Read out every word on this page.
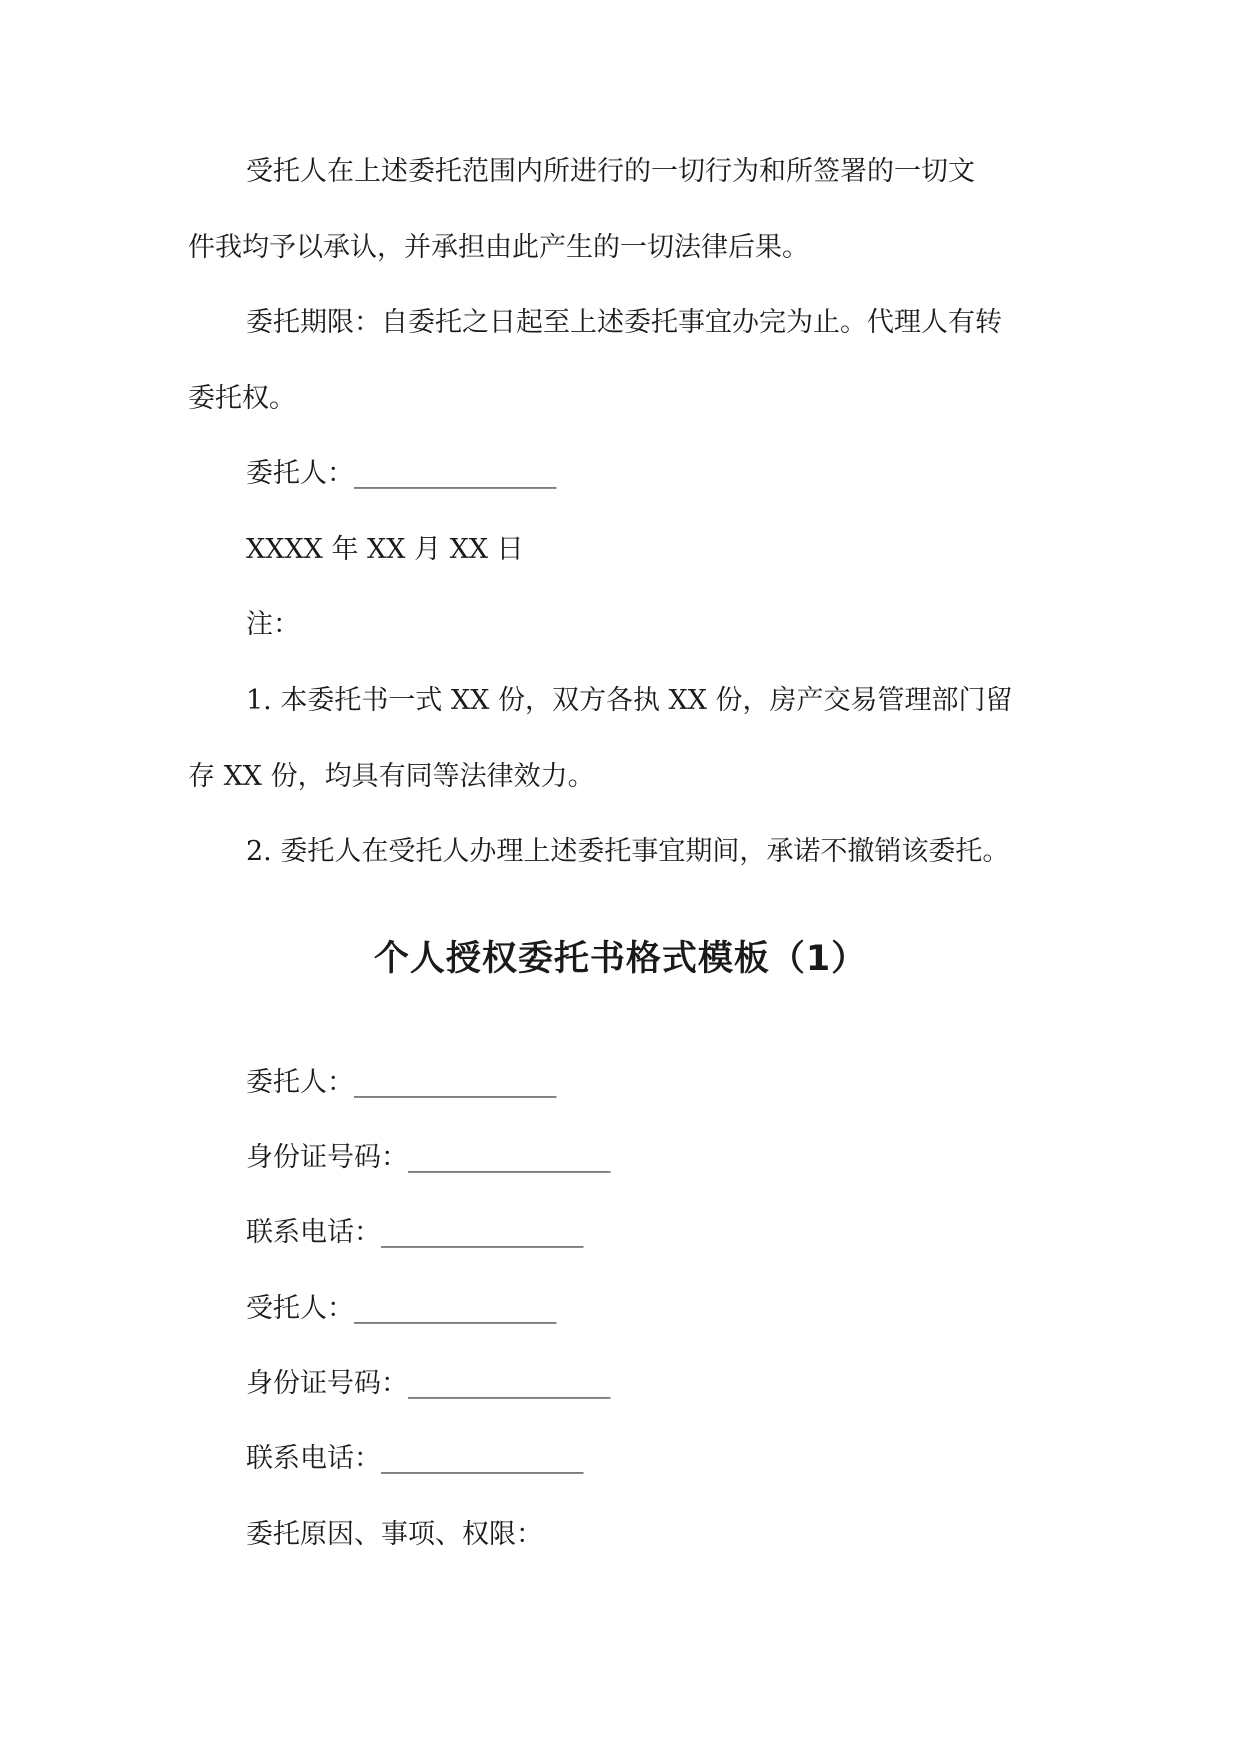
受托人在上述委托范围内所进行的一切行为和所签署的一切文
件我均予以承认，并承担由此产生的一切法律后果。
委托期限：自委托之日起至上述委托事宜办完为止。代理人有转
委托权。
委托人：_______________
XXXX 年 XX 月 XX 日
注：
1. 本委托书一式 XX 份，双方各执 XX 份，房产交易管理部门留
存 XX 份，均具有同等法律效力。
2. 委托人在受托人办理上述委托事宜期间，承诺不撤销该委托。
个人授权委托书格式模板（1）
委托人：_______________
身份证号码：_______________
联系电话：_______________
受托人：_______________
身份证号码：_______________
联系电话：_______________
委托原因、事项、权限：
